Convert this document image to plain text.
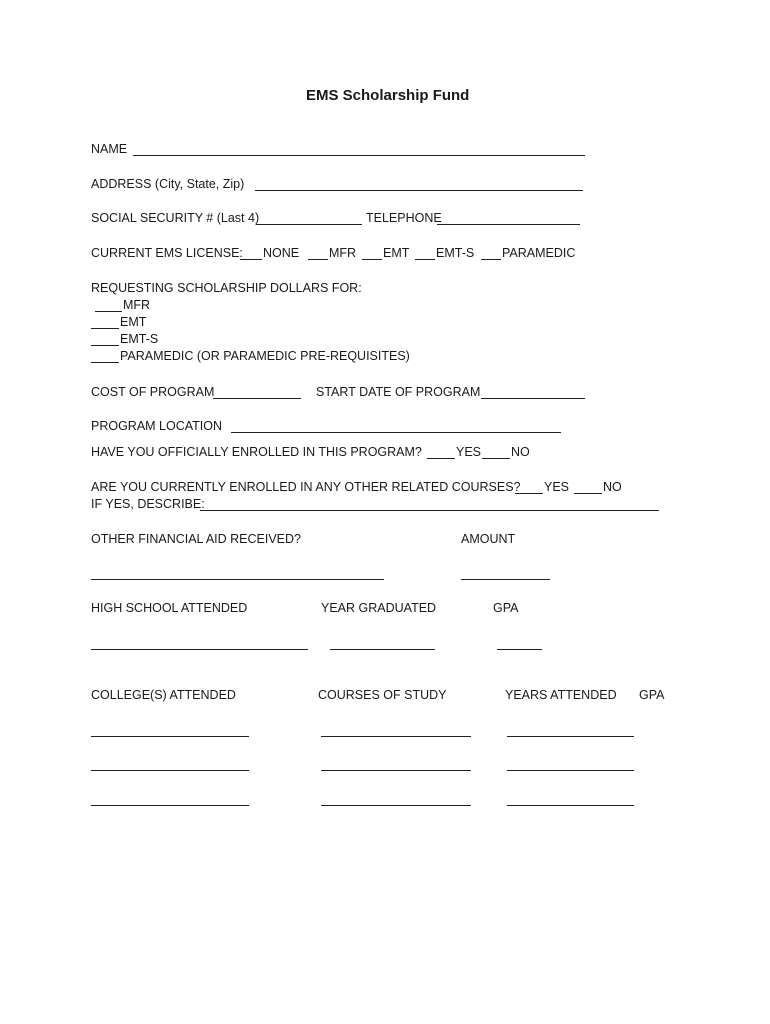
EMS Scholarship Fund
NAME
ADDRESS (City, State, Zip)
SOCIAL SECURITY # (Last 4)	TELEPHONE
CURRENT EMS LICENSE: NONE MFR EMT EMT-S PARAMEDIC
REQUESTING SCHOLARSHIP DOLLARS FOR:
MFR
EMT
EMT-S
PARAMEDIC (OR PARAMEDIC PRE-REQUISITES)
COST OF PROGRAM	START DATE OF PROGRAM
PROGRAM LOCATION
HAVE YOU OFFICIALLY ENROLLED IN THIS PROGRAM?	YES NO
ARE YOU CURRENTLY ENROLLED IN ANY OTHER RELATED COURSES? YES	NO
IF YES, DESCRIBE:
OTHER FINANCIAL AID RECEIVED?	AMOUNT
HIGH SCHOOL ATTENDED	YEAR GRADUATED	GPA
COLLEGE(S) ATTENDED	COURSES OF STUDY	YEARS ATTENDED GPA
